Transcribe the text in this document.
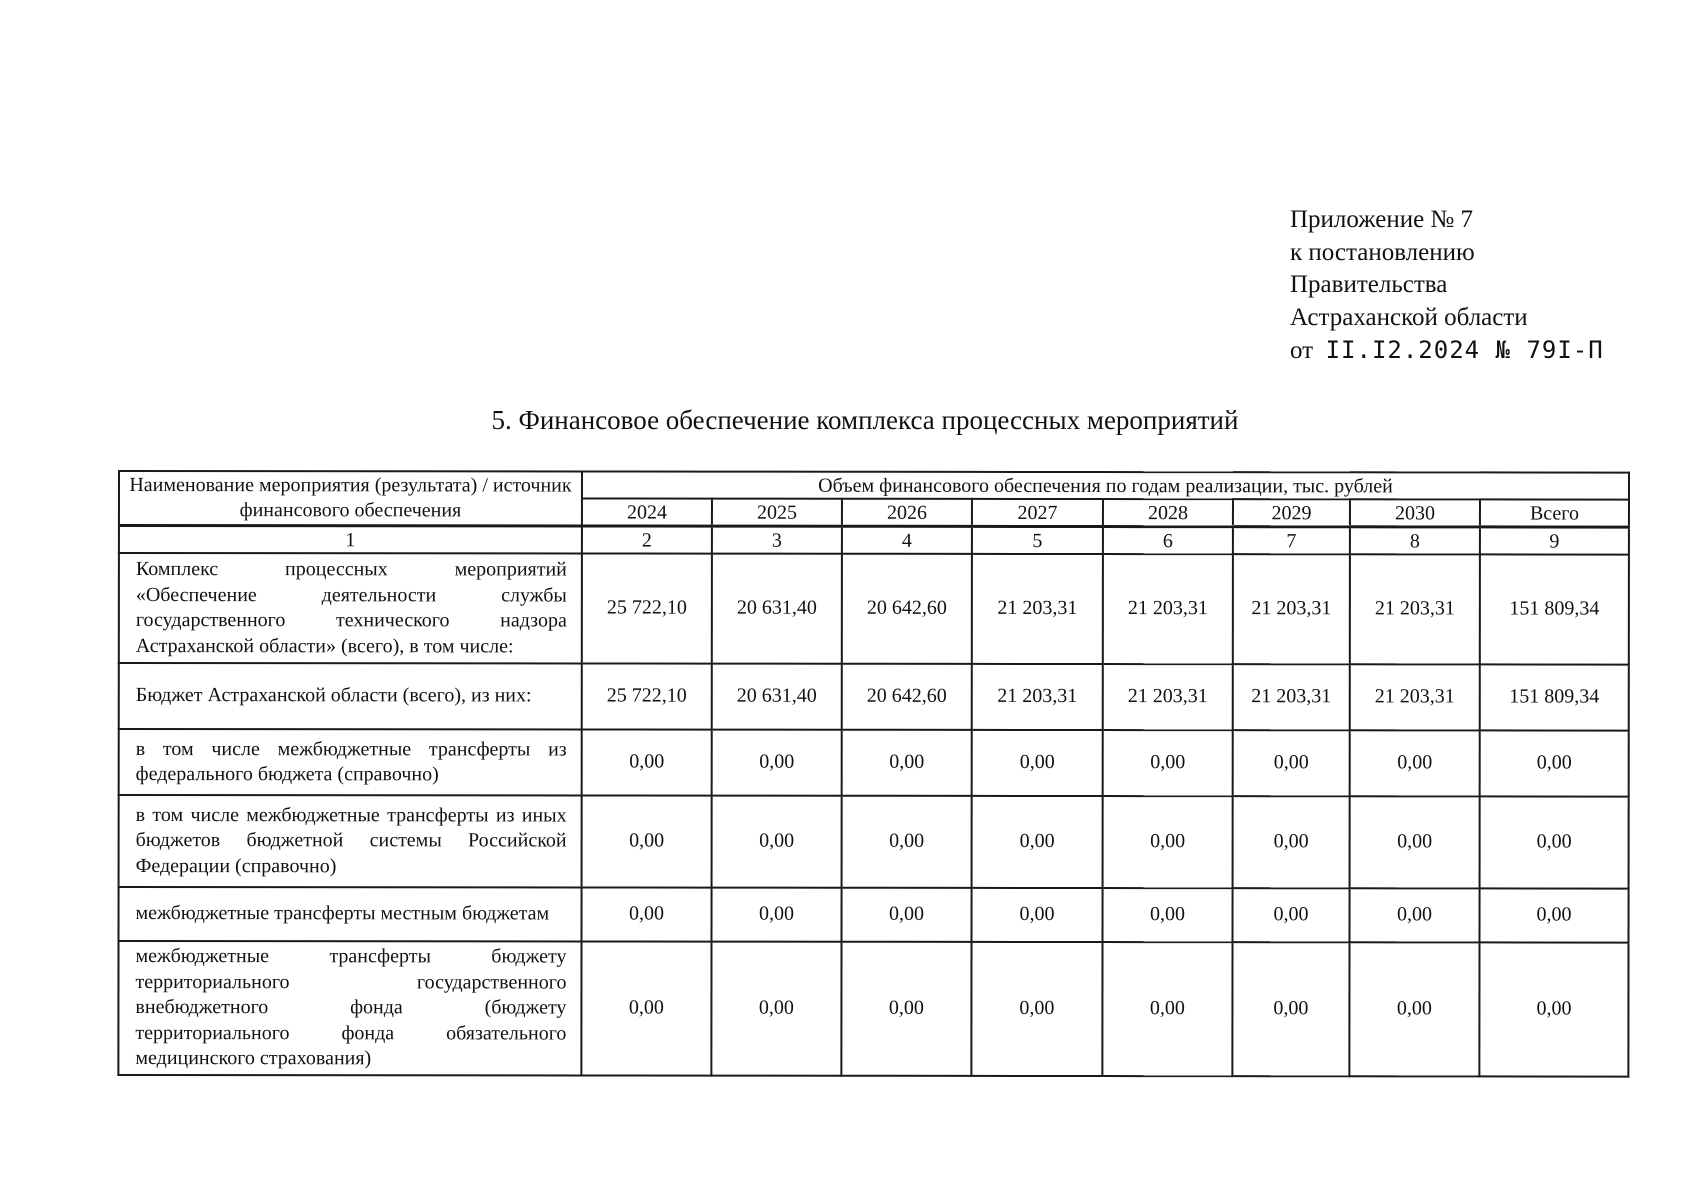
Приложение № 7
к постановлению
Правительства
Астраханской области
от II.I2.2024 № 79I-П
5. Финансовое обеспечение комплекса процессных мероприятий
Наименование мероприятия (результата) / источник финансового обеспечения	Объем финансового обеспечения по годам реализации, тыс. рублей							
	2024	2025	2026	2027	2028	2029	2030	Всего
1	2	3	4	5	6	7	8	9
Комплекс процессных мероприятий «Обеспечение деятельности службы государственного технического надзора Астраханской области» (всего), в том числе:	25 722,10	20 631,40	20 642,60	21 203,31	21 203,31	21 203,31	21 203,31	151 809,34
Бюджет Астраханской области (всего), из них:	25 722,10	20 631,40	20 642,60	21 203,31	21 203,31	21 203,31	21 203,31	151 809,34
в том числе межбюджетные трансферты из федерального бюджета (справочно)	0,00	0,00	0,00	0,00	0,00	0,00	0,00	0,00
в том числе межбюджетные трансферты из иных бюджетов бюджетной системы Российской Федерации (справочно)	0,00	0,00	0,00	0,00	0,00	0,00	0,00	0,00
межбюджетные трансферты местным бюджетам	0,00	0,00	0,00	0,00	0,00	0,00	0,00	0,00
межбюджетные трансферты бюджету территориального государственного внебюджетного фонда (бюджету территориального фонда обязательного медицинского страхования)	0,00	0,00	0,00	0,00	0,00	0,00	0,00	0,00
